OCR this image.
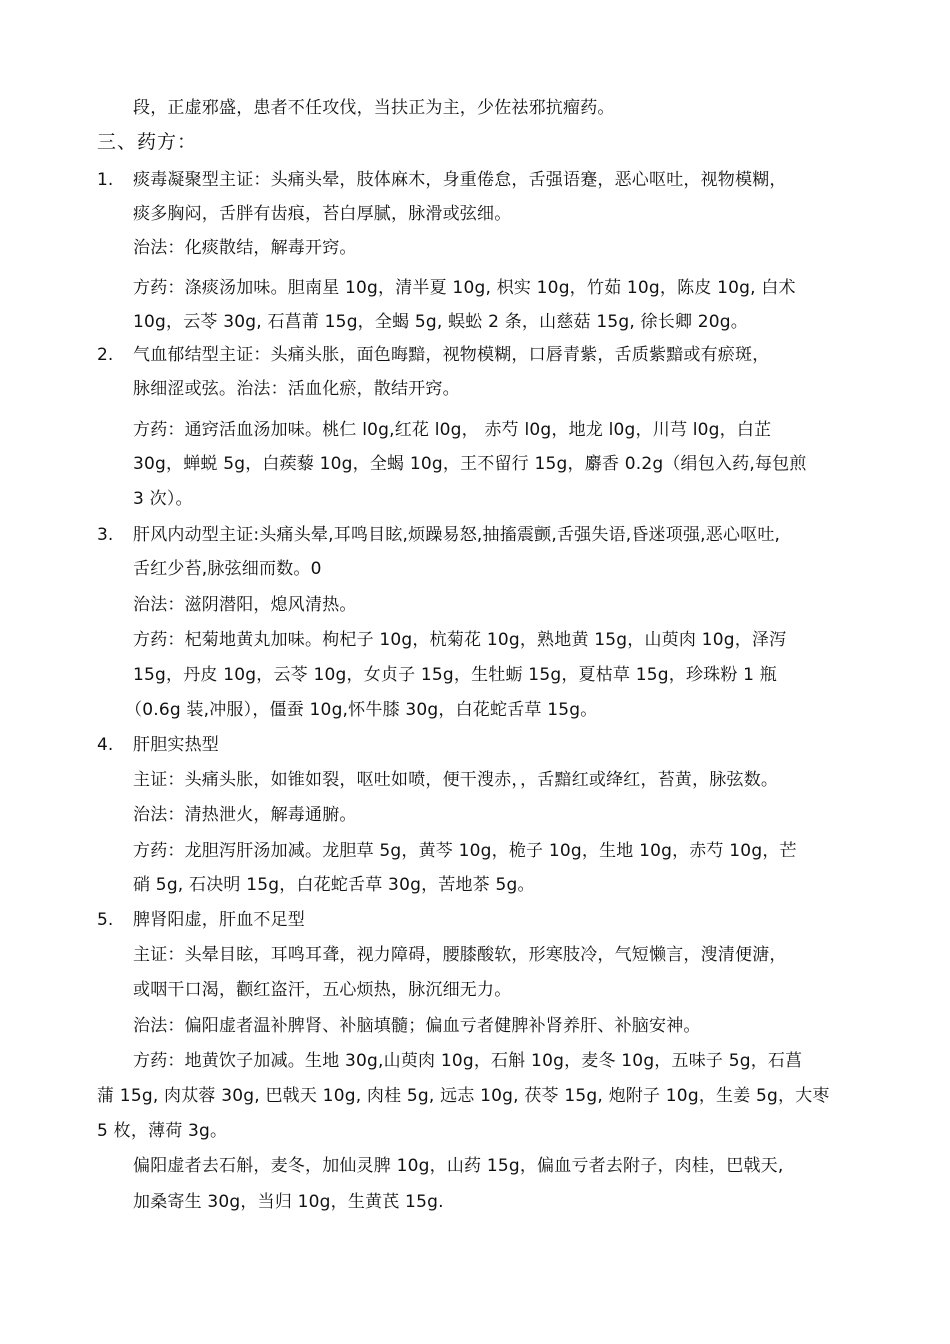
段，正虚邪盛，患者不任攻伐，当扶正为主，少佐祛邪抗瘤药。
三、药方：
1. 痰毒凝聚型主证：头痛头晕，肢体麻木，身重倦怠，舌强语蹇，恶心呕吐，视物模糊，
痰多胸闷，舌胖有齿痕，苔白厚腻，脉滑或弦细。
治法：化痰散结，解毒开窍。
方药：涤痰汤加味。胆南星 10g，清半夏 10g, 枳实 10g，竹茹 10g，陈皮 10g, 白术
10g，云苓 30g, 石菖莆 15g，全蝎 5g, 蜈蚣 2 条，山慈菇 15g, 徐长卿 20g。
2. 气血郁结型主证：头痛头胀，面色晦黯，视物模糊，口唇青紫，舌质紫黯或有瘀斑，
脉细涩或弦。治法：活血化瘀，散结开窍。
方药：通窍活血汤加味。桃仁 l0g,红花 l0g， 赤芍 l0g，地龙 l0g，川芎 l0g，白芷
30g，蝉蜕 5g，白蒺藜 10g，全蝎 10g，王不留行 15g，麝香 0.2g（绢包入药,每包煎
3 次）。
3. 肝风内动型主证:头痛头晕,耳鸣目眩,烦躁易怒,抽搐震颤,舌强失语,昏迷项强,恶心呕吐,
舌红少苔,脉弦细而数。0
治法：滋阴潜阳，熄风清热。
方药：杞菊地黄丸加味。枸杞子 10g，杭菊花 10g，熟地黄 15g，山萸肉 10g，泽泻
15g，丹皮 10g，云苓 10g，女贞子 15g，生牡蛎 15g，夏枯草 15g，珍珠粉 1 瓶
（0.6g 装,冲服），僵蚕 10g,怀牛膝 30g，白花蛇舌草 15g。
4. 肝胆实热型
主证：头痛头胀，如锥如裂，呕吐如喷，便干溲赤，，舌黯红或绛红，苔黄，脉弦数。
治法：清热泄火，解毒通腑。
方药：龙胆泻肝汤加减。龙胆草 5g，黄芩 10g，桅子 10g，生地 10g，赤芍 10g，芒
硝 5g, 石决明 15g，白花蛇舌草 30g，苦地茶 5g。
5. 脾肾阳虚，肝血不足型
主证：头晕目眩，耳鸣耳聋，视力障碍，腰膝酸软，形寒肢冷，气短懒言，溲清便溏，
或咽干口渴，颧红盗汗，五心烦热，脉沉细无力。
治法：偏阳虚者温补脾肾、补脑填髓；偏血亏者健脾补肾养肝、补脑安神。
方药：地黄饮子加减。生地 30g,山萸肉 10g，石斛 10g，麦冬 10g，五味子 5g，石菖
蒲 15g, 肉苁蓉 30g, 巴戟天 10g, 肉桂 5g, 远志 10g, 茯苓 15g, 炮附子 10g，生姜 5g，大枣
5 枚，薄荷 3g。
偏阳虚者去石斛，麦冬，加仙灵脾 10g，山药 15g，偏血亏者去附子，肉桂，巴戟天,
加桑寄生 30g，当归 10g，生黄芪 15g.
